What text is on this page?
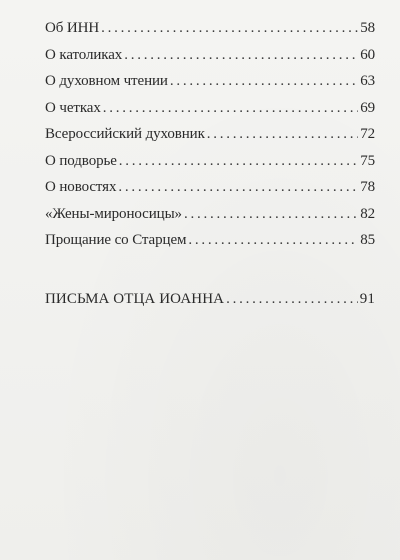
Об ИНН . . .	58
О католиках . . .	60
О духовном чтении . . .	63
О четках . . .	69
Всероссийский духовник . . .	72
О подворье . . .	75
О новостях . . .	78
«Жены-мироносицы» . . .	82
Прощание со Старцем . . .	85
ПИСЬМА ОТЦА ИОАННА . . .	91
